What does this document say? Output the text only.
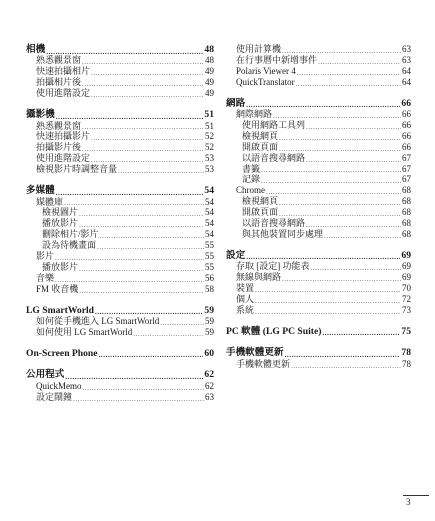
相機 .....	48
熟悉觀景窗 .....	48
快速拍攝相片 .....	49
拍攝相片後 .....	49
使用進階設定 .....	49
攝影機 .....	51
熟悉觀景窗 .....	51
快速拍攝影片 .....	52
拍攝影片後 .....	52
使用進階設定 .....	53
檢視影片時調整音量 .....	53
多媒體 .....	54
媒體庫 .....	54
檢視圖片 .....	54
播放影片 .....	54
刪除相片/影片 .....	54
設為待機畫面 .....	55
影片 .....	55
播放影片 .....	55
音樂 .....	56
FM 收音機 .....	58
LG SmartWorld .....	59
如何從手機進入 LG SmartWorld .....	59
如何使用 LG SmartWorld .....	59
On-Screen Phone .....	60
公用程式 .....	62
QuickMemo .....	62
設定鬧鐘 .....	63
使用計算機 .....	63
在行事曆中新增事件 .....	63
Polaris Viewer 4 .....	64
QuickTranslator .....	64
網路 .....	66
網際網路 .....	66
使用網路工具列 .....	66
檢視網頁 .....	66
開啟頁面 .....	66
以語音搜尋網路 .....	67
書籤 .....	67
記錄 .....	67
Chrome .....	68
檢視網頁 .....	68
開啟頁面 .....	68
以語音搜尋網路 .....	68
與其他裝置同步處理 .....	68
設定 .....	69
存取 [設定] 功能表 .....	69
無線與網路 .....	69
裝置 .....	70
個人 .....	72
系統 .....	73
PC 軟體 (LG PC Suite) .....	75
手機軟體更新 .....	78
手機軟體更新 .....	78
3
